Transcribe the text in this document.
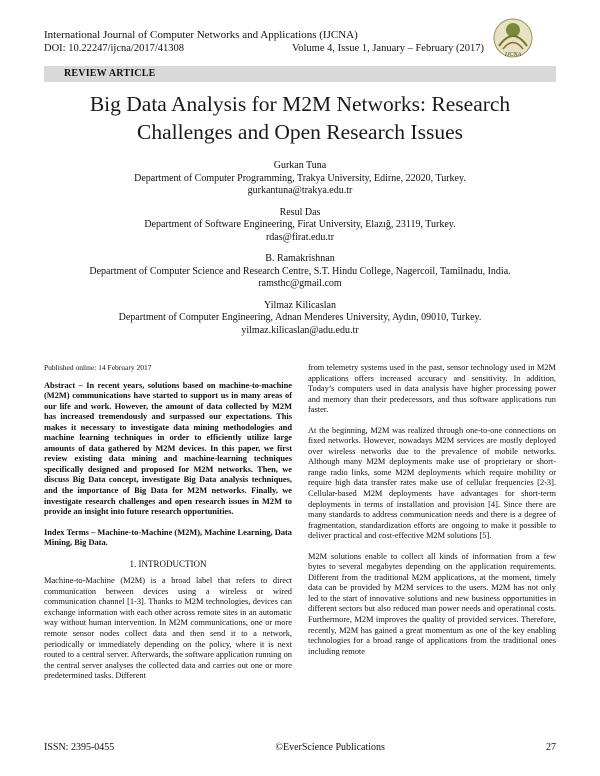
International Journal of Computer Networks and Applications (IJCNA)
DOI: 10.22247/ijcna/2017/41308	Volume 4, Issue 1, January – February (2017)
IJCNA
REVIEW ARTICLE
Big Data Analysis for M2M Networks: Research
Challenges and Open Research Issues
Gurkan Tuna
Department of Computer Programming, Trakya University, Edirne, 22020, Turkey.
gurkantuna@trakya.edu.tr
Resul Das
Department of Software Engineering, Firat University, Elazığ, 23119, Turkey.
rdas@firat.edu.tr
B. Ramakrishnan
Department of Computer Science and Research Centre, S.T. Hindu College, Nagercoil, Tamilnadu, India.
ramsthc@gmail.com
Yilmaz Kilicaslan
Department of Computer Engineering, Adnan Menderes University, Aydın, 09010, Turkey.
yilmaz.kilicaslan@adu.edu.tr

Published online: 14 February 2017

Abstract – In recent years, solutions based on machine-to-machine (M2M) communications have started to support us in many areas of our life and work. However, the amount of data collected by M2M has increased tremendously and surpassed our expectations. This makes it necessary to investigate data mining methodologies and machine learning techniques in order to efficiently utilize large amounts of data gathered by M2M devices. In this paper, we first review existing data mining and machine-learning techniques specifically designed and proposed for M2M networks. Then, we discuss Big Data concept, investigate Big Data analysis techniques, and the importance of Big Data for M2M networks. Finally, we investigate research challenges and open research issues in M2M to provide an insight into future research opportunities.

Index Terms – Machine-to-Machine (M2M), Machine Learning, Data Mining, Big Data.

1. INTRODUCTION

Machine-to-Machine (M2M) is a broad label that refers to direct communication between devices using a wireless or wired communication channel [1-3]. Thanks to M2M technologies, devices can exchange information with each other across remote sites in an automatic way without human intervention. In M2M communications, one or more remote sensor nodes collect data and then send it to a network, periodically or immediately depending on the policy, where it is next routed to a central server. Afterwards, the software application running on the central server analyses the collected data and carries out one or more predetermined tasks. Different

from telemetry systems used in the past, sensor technology used in M2M applications offers increased accuracy and sensitivity. In addition, Today’s computers used in data analysis have higher processing power and memory than their predecessors, and thus software applications run faster.

At the beginning, M2M was realized through one-to-one connections on fixed networks. However, nowadays M2M services are mostly deployed over wireless networks due to the prevalence of mobile networks. Although many M2M deployments make use of proprietary or short-range radio links, some M2M deployments which require mobility or require high data transfer rates make use of cellular frequencies [2-3]. Cellular-based M2M deployments have advantages for short-term deployments in terms of installation and provision [4]. Since there are many standards to address communication needs and there is a degree of fragmentation, standardization efforts are ongoing to make it possible to deliver practical and cost-effective M2M solutions [5].

M2M solutions enable to collect all kinds of information from a few bytes to several megabytes depending on the application requirements. Different from the traditional M2M applications, at the moment, timely data can be provided by M2M services to the users. M2M has not only led to the start of innovative solutions and new business opportunities in different sectors but also reduced man power needs and operational costs. Furthermore, M2M improves the quality of provided services. Therefore, recently, M2M has gained a great momentum as one of the key enabling technologies for a broad range of applications from the traditional ones including remote

ISSN: 2395-0455	©EverScience Publications	27
